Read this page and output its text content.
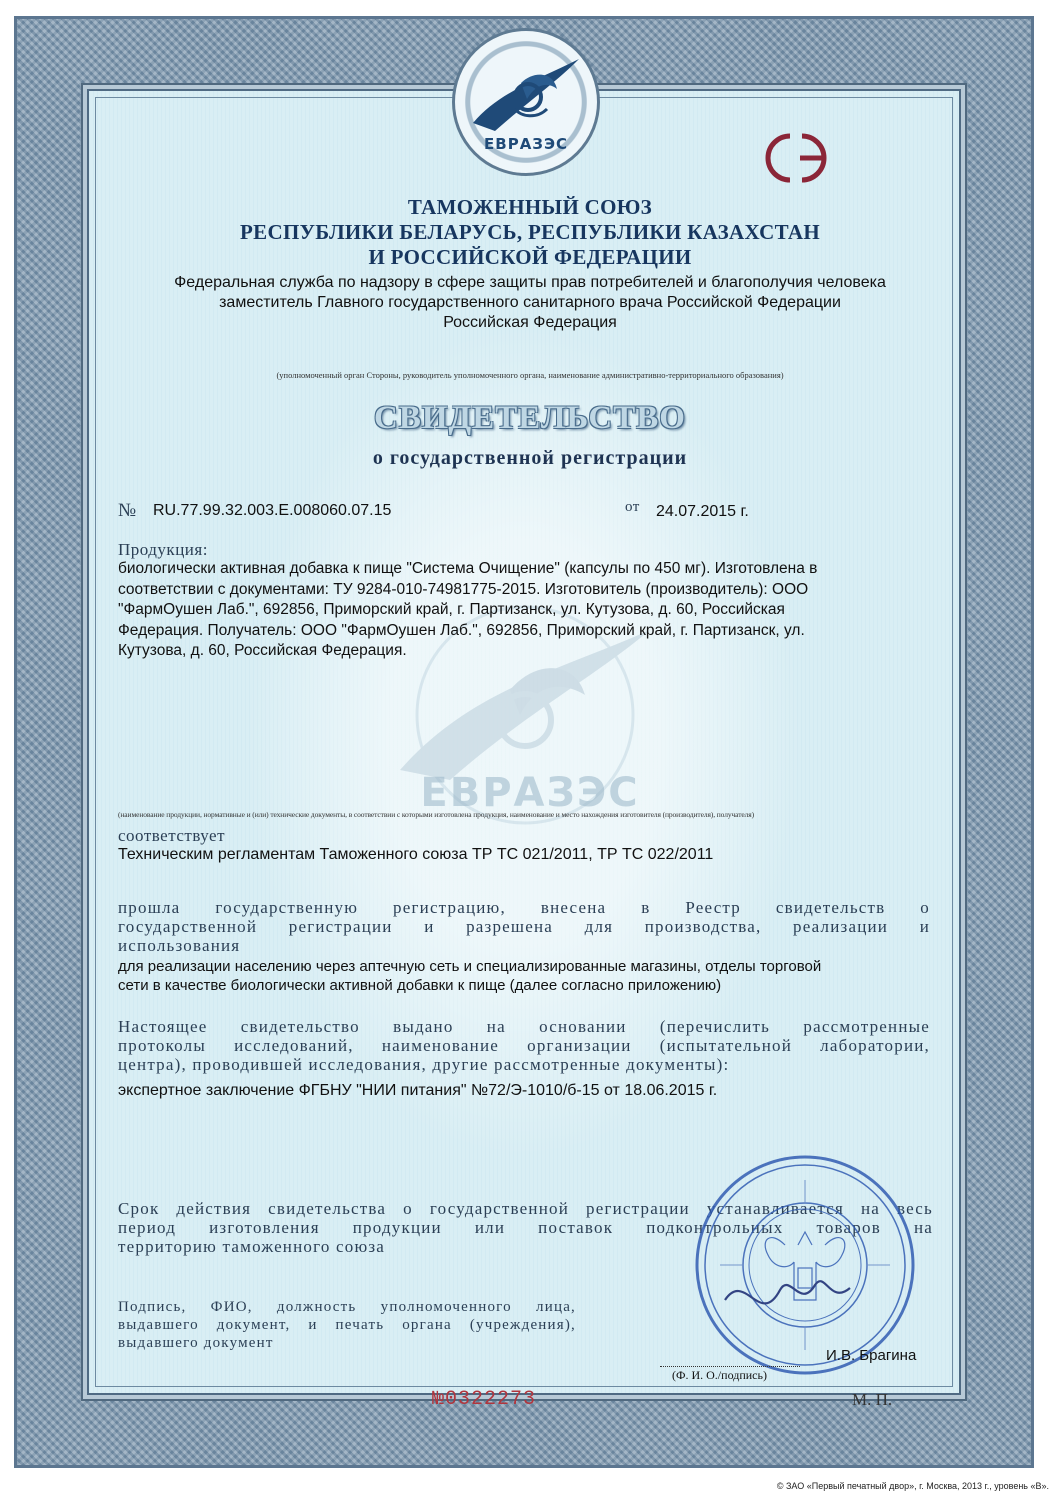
ЕВРАЗЭС
ЕВРАЗЭС
ТАМОЖЕННЫЙ СОЮЗ
РЕСПУБЛИКИ БЕЛАРУСЬ, РЕСПУБЛИКИ КАЗАХСТАН
И РОССИЙСКОЙ ФЕДЕРАЦИИ
Федеральная служба по надзору в сфере защиты прав потребителей и благополучия человека
заместитель Главного государственного санитарного врача Российской Федерации
Российская Федерация
(уполномоченный орган Стороны, руководитель уполномоченного органа, наименование административно-территориального образования)
СВИДЕТЕЛЬСТВО
о государственной регистрации
№ RU.77.99.32.003.Е.008060.07.15	от 24.07.2015 г.
Продукция:
биологически активная добавка к пище "Система Очищение" (капсулы по 450 мг). Изготовлена в
соответствии с документами: ТУ 9284-010-74981775-2015. Изготовитель (производитель): ООО
"ФармОушен Лаб.", 692856, Приморский край, г. Партизанск, ул. Кутузова, д. 60, Российская
Федерация. Получатель: ООО "ФармОушен Лаб.", 692856, Приморский край, г. Партизанск, ул.
Кутузова, д. 60, Российская Федерация.
(наименование продукции, нормативные и (или) технические документы, в соответствии с которыми изготовлена продукция, наименование и место нахождения изготовителя (производителя), получателя)
соответствует
Техническим регламентам Таможенного союза ТР ТС 021/2011, ТР ТС 022/2011
прошла государственную регистрацию, внесена в Реестр свидетельств о
государственной регистрации и разрешена для производства, реализации и
использования
для реализации населению через аптечную сеть и специализированные магазины, отделы торговой
сети в качестве биологически активной добавки к пище (далее согласно приложению)
Настоящее свидетельство выдано на основании (перечислить рассмотренные
протоколы исследований, наименование организации (испытательной лаборатории,
центра), проводившей исследования, другие рассмотренные документы):
экспертное заключение ФГБНУ "НИИ питания" №72/Э-1010/б-15 от 18.06.2015 г.
Срок действия свидетельства о государственной регистрации устанавливается на весь
период изготовления продукции или поставок подконтрольных товаров на
территорию таможенного союза
Подпись, ФИО, должность уполномоченного лица,
выдавшего документ, и печать органа (учреждения),
выдавшего документ
И.В. Брагина
(Ф. И. О./подпись)
М. П.
№0322273
© ЗАО «Первый печатный двор», г. Москва, 2013 г., уровень «В».
